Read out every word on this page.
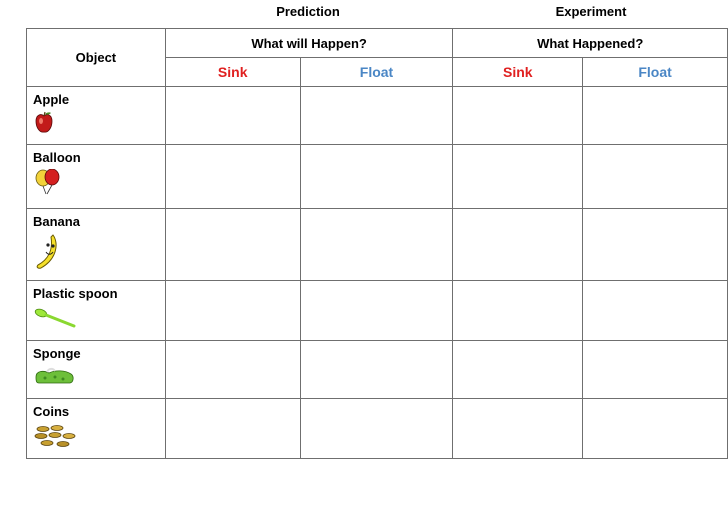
Prediction	Experiment
Object	What will Happen?		What Happened?	
	Sink	Float	Sink	Float

Apple				

Balloon				

Banana				

Plastic spoon				

Sponge				

Coins				
